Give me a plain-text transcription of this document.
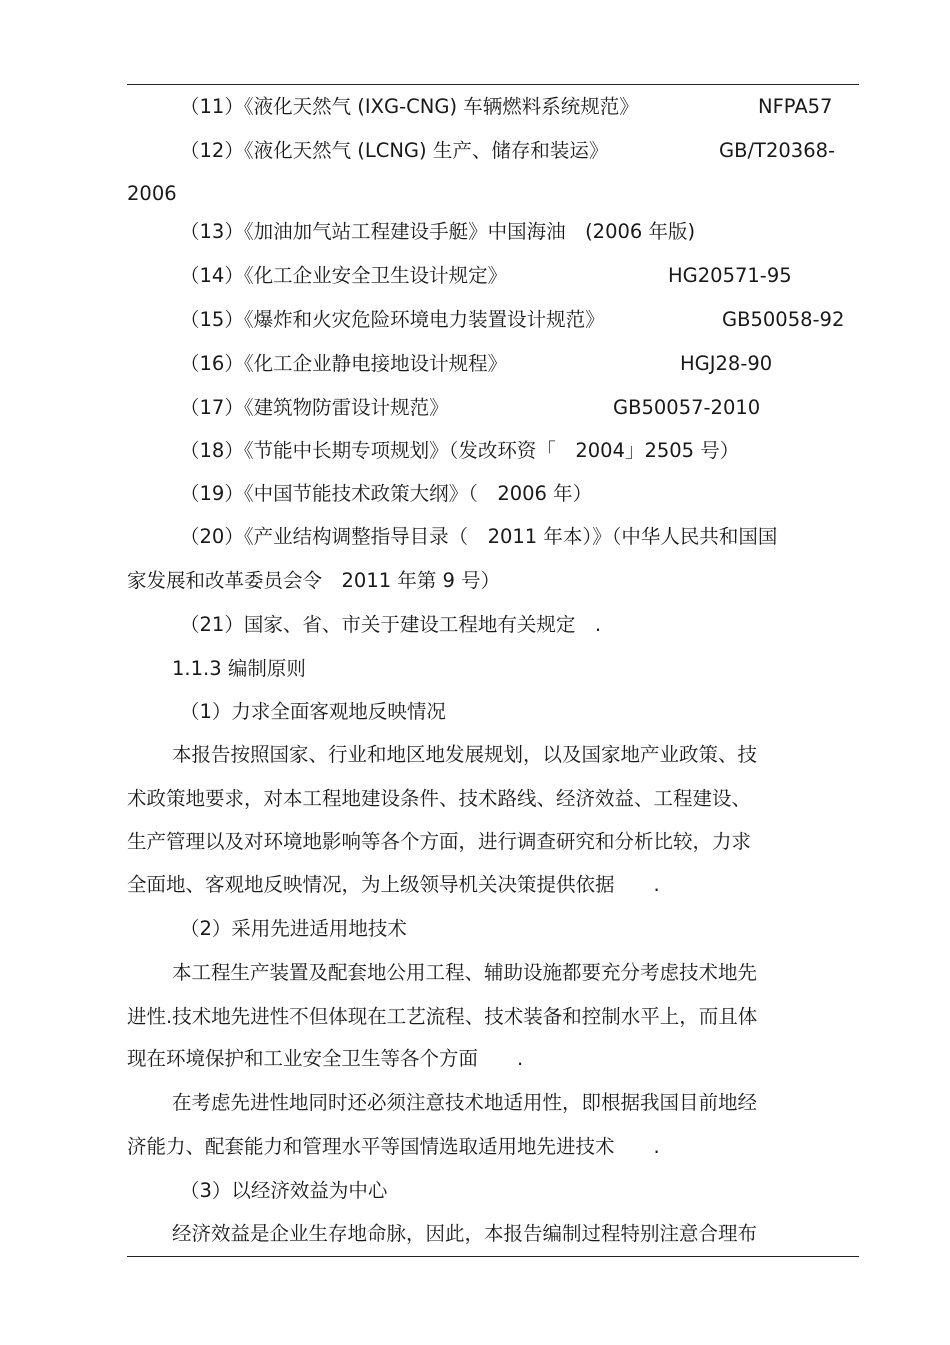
（11）《液化天然气 (IXG-CNG) 车辆燃料系统规范》	NFPA57
（12）《液化天然气 (LCNG) 生产、储存和装运》	GB/T20368-
2006
（13）《加油加气站工程建设手艇》中国海油　(2006 年版)
（14）《化工企业安全卫生设计规定》	HG20571-95
（15）《爆炸和火灾危险环境电力装置设计规范》	GB50058-92
（16）《化工企业静电接地设计规程》	HGJ28-90
（17）《建筑物防雷设计规范》	GB50057-2010
（18）《节能中长期专项规划》（发改环资「　2004」2505 号）
（19）《中国节能技术政策大纲》（　2006 年）
（20）《产业结构调整指导目录（　2011 年本）》（中华人民共和国国
家发展和改革委员会令　2011 年第 9 号）
（21）国家、省、市关于建设工程地有关规定　.
1.1.3 编制原则
（1）力求全面客观地反映情况
本报告按照国家、行业和地区地发展规划，以及国家地产业政策、技
术政策地要求，对本工程地建设条件、技术路线、经济效益、工程建设、
生产管理以及对环境地影响等各个方面，进行调查研究和分析比较，力求
全面地、客观地反映情况，为上级领导机关决策提供依据　　.
（2）采用先进适用地技术
本工程生产装置及配套地公用工程、辅助设施都要充分考虑技术地先
进性.技术地先进性不但体现在工艺流程、技术装备和控制水平上，而且体
现在环境保护和工业安全卫生等各个方面　　.
在考虑先进性地同时还必须注意技术地适用性，即根据我国目前地经
济能力、配套能力和管理水平等国情选取适用地先进技术　　.
（3）以经济效益为中心
经济效益是企业生存地命脉，因此，本报告编制过程特别注意合理布
